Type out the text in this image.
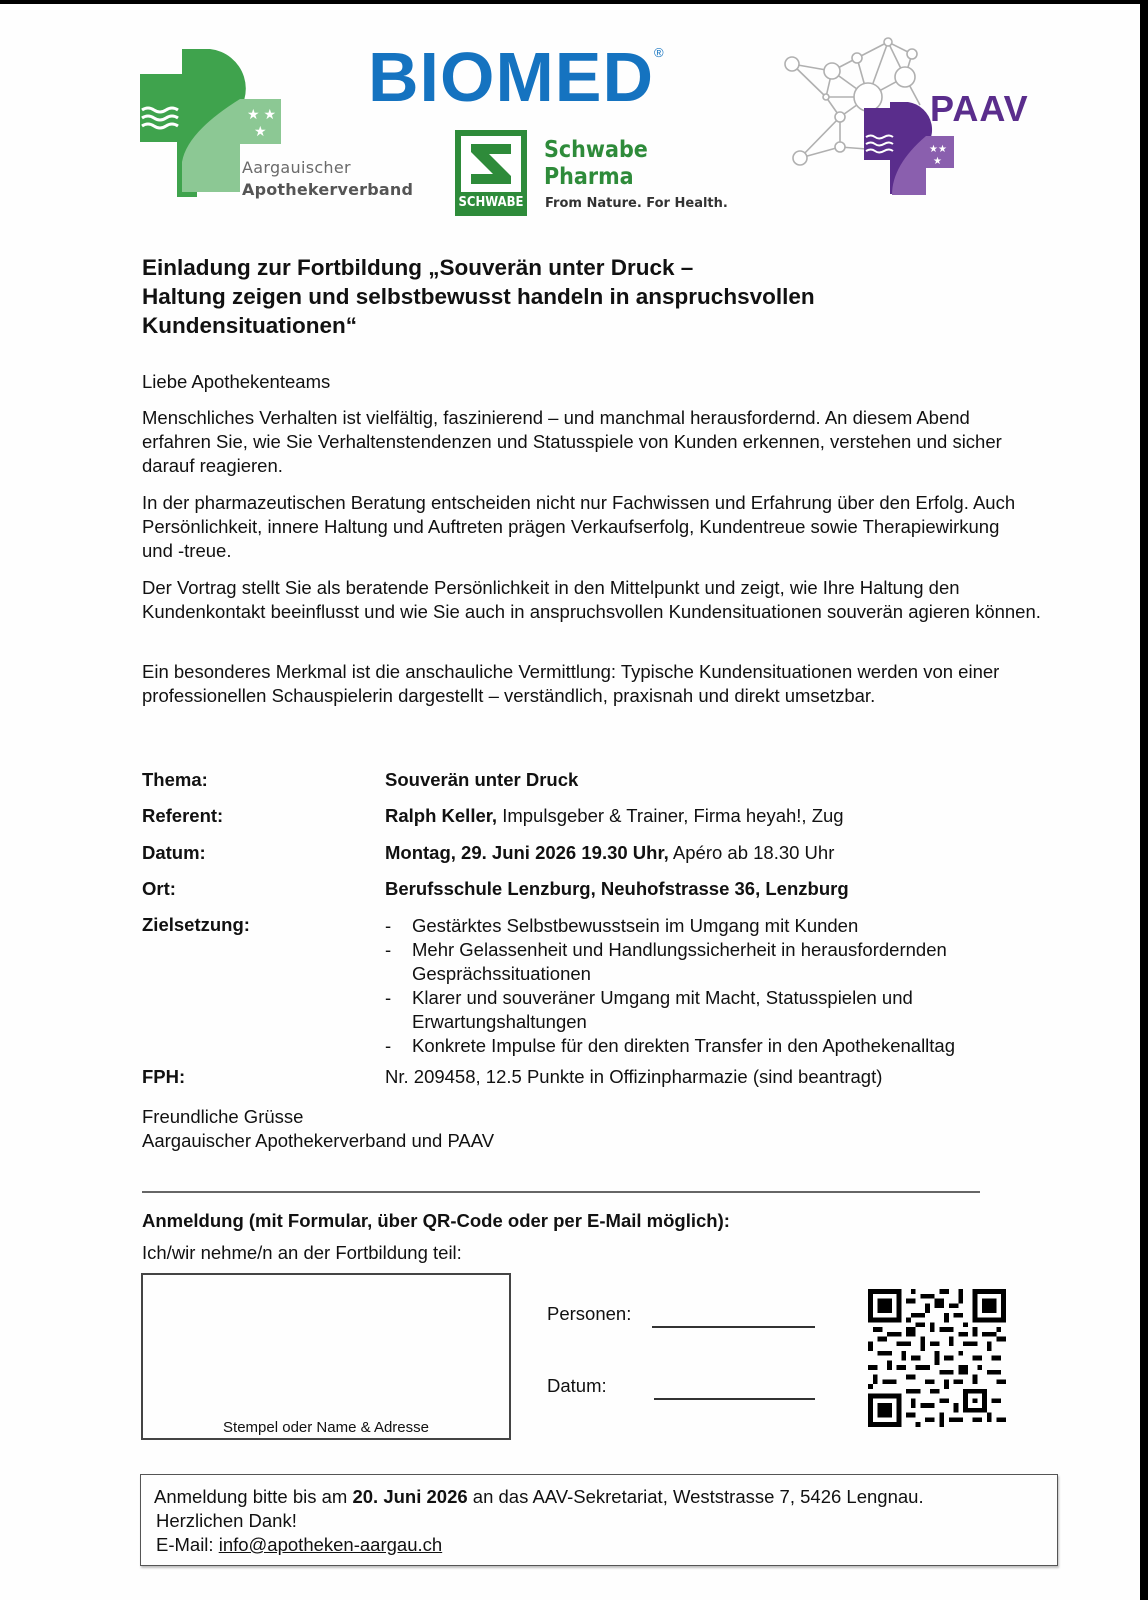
★ ★
★
Aargauischer
Apothekerverband
BIOMED®
SCHWABE
Schwabe
Pharma
From Nature. For Health.
★★
★
PAAV
Einladung zur Fortbildung „Souverän unter Druck –
Haltung zeigen und selbstbewusst handeln in anspruchsvollen
Kundensituationen“

Liebe Apothekenteams

Menschliches Verhalten ist vielfältig, faszinierend – und manchmal herausfordernd. An diesem Abend erfahren Sie, wie Sie Verhaltenstendenzen und Statusspiele von Kunden erkennen, verstehen und sicher darauf reagieren.

In der pharmazeutischen Beratung entscheiden nicht nur Fachwissen und Erfahrung über den Erfolg. Auch Persönlichkeit, innere Haltung und Auftreten prägen Verkaufserfolg, Kundentreue sowie Therapiewirkung und -treue.

Der Vortrag stellt Sie als beratende Persönlichkeit in den Mittelpunkt und zeigt, wie Ihre Haltung den Kundenkontakt beeinflusst und wie Sie auch in anspruchsvollen Kundensituationen souverän agieren können.

Ein besonderes Merkmal ist die anschauliche Vermittlung: Typische Kundensituationen werden von einer professionellen Schauspielerin dargestellt – verständlich, praxisnah und direkt umsetzbar.

Thema:	Souverän unter Druck
Referent:	Ralph Keller, Impulsgeber & Trainer, Firma heyah!, Zug
Datum:	Montag, 29. Juni 2026 19.30 Uhr, Apéro ab 18.30 Uhr
Ort:	Berufsschule Lenzburg, Neuhofstrasse 36, Lenzburg
Zielsetzung:	- Gestärktes Selbstbewusstsein im Umgang mit Kunden
- Mehr Gelassenheit und Handlungssicherheit in herausfordernden Gesprächssituationen
- Klarer und souveräner Umgang mit Macht, Statusspielen und Erwartungshaltungen
- Konkrete Impulse für den direkten Transfer in den Apothekenalltag
FPH:	Nr. 209458, 12.5 Punkte in Offizinpharmazie (sind beantragt)

Freundliche Grüsse

Aargauischer Apothekerverband und PAAV

Anmeldung (mit Formular, über QR-Code oder per E-Mail möglich):

Ich/wir nehme/n an der Fortbildung teil:

Stempel oder Name & Adresse

Personen:

Datum:

Anmeldung bitte bis am 20. Juni 2026 an das AAV-Sekretariat, Weststrasse 7, 5426 Lengnau.

Herzlichen Dank!

E-Mail: info@apotheken-aargau.ch
